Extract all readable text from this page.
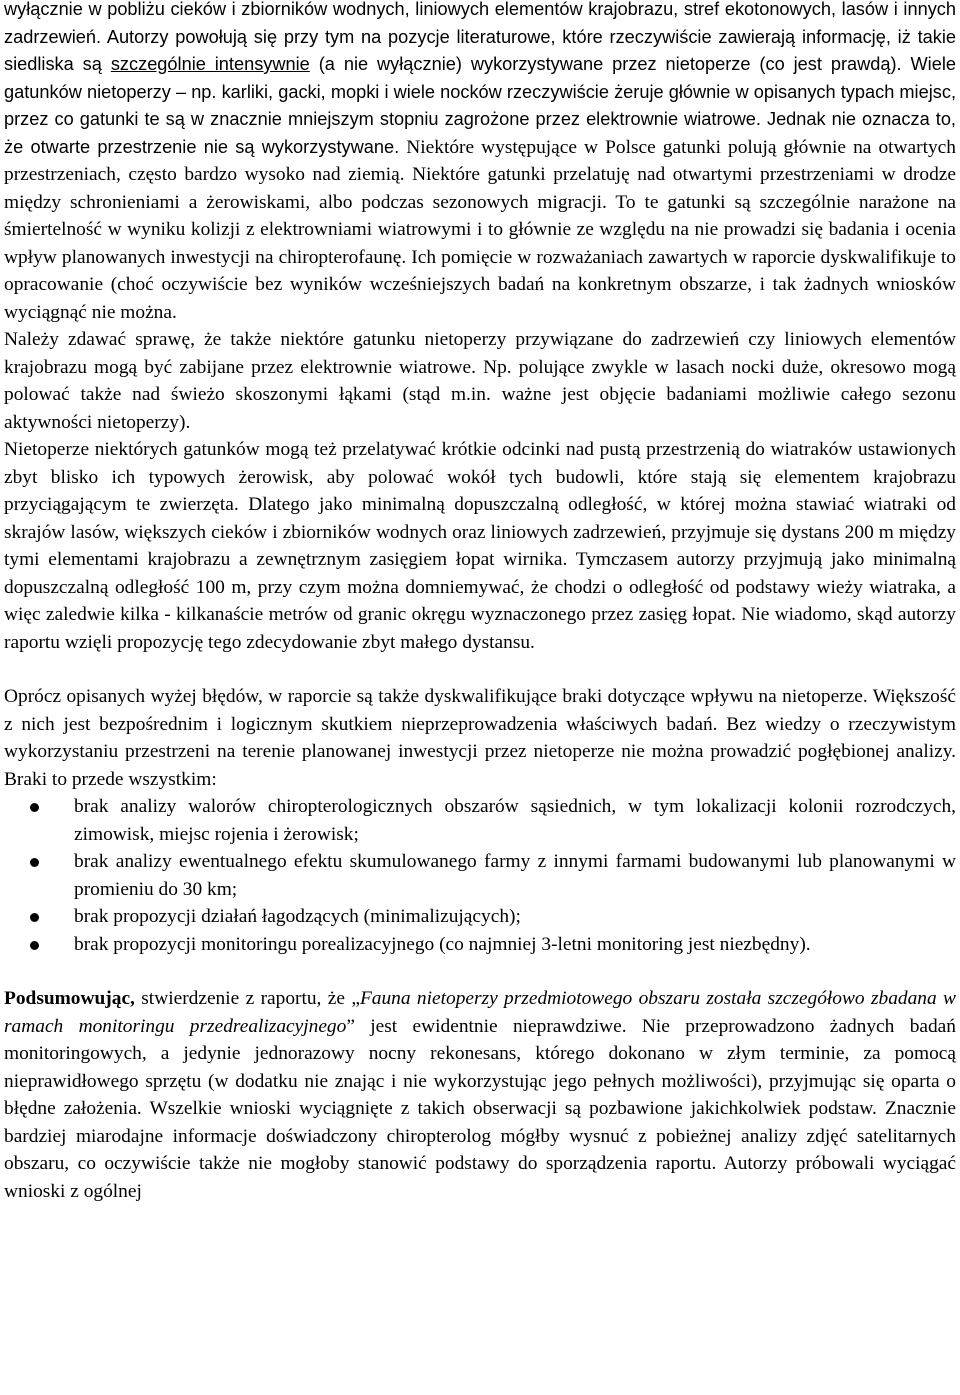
wyłącznie w pobliżu cieków i zbiorników wodnych, liniowych elementów krajobrazu, stref ekotonowych, lasów i innych zadrzewień. Autorzy powołują się przy tym na pozycje literaturowe, które rzeczywiście zawierają informację, iż takie siedliska są szczególnie intensywnie (a nie wyłącznie) wykorzystywane przez nietoperze (co jest prawdą). Wiele gatunków nietoperzy – np. karliki, gacki, mopki i wiele nocków rzeczywiście żeruje głównie w opisanych typach miejsc, przez co gatunki te są w znacznie mniejszym stopniu zagrożone przez elektrownie wiatrowe. Jednak nie oznacza to, że otwarte przestrzenie nie są wykorzystywane. Niektóre występujące w Polsce gatunki polują głównie na otwartych przestrzeniach, często bardzo wysoko nad ziemią. Niektóre gatunki przelatuję nad otwartymi przestrzeniami w drodze między schronieniami a żerowiskami, albo podczas sezonowych migracji. To te gatunki są szczególnie narażone na śmiertelność w wyniku kolizji z elektrowniami wiatrowymi i to głównie ze względu na nie prowadzi się badania i ocenia wpływ planowanych inwestycji na chiropterofaunę. Ich pomięcie w rozważaniach zawartych w raporcie dyskwalifikuje to opracowanie (choć oczywiście bez wyników wcześniejszych badań na konkretnym obszarze, i tak żadnych wniosków wyciągnąć nie można.

Należy zdawać sprawę, że także niektóre gatunku nietoperzy przywiązane do zadrzewień czy liniowych elementów krajobrazu mogą być zabijane przez elektrownie wiatrowe. Np. polujące zwykle w lasach nocki duże, okresowo mogą polować także nad świeżo skoszonymi łąkami (stąd m.in. ważne jest objęcie badaniami możliwie całego sezonu aktywności nietoperzy).

Nietoperze niektórych gatunków mogą też przelatywać krótkie odcinki nad pustą przestrzenią do wiatraków ustawionych zbyt blisko ich typowych żerowisk, aby polować wokół tych budowli, które stają się elementem krajobrazu przyciągającym te zwierzęta. Dlatego jako minimalną dopuszczalną odległość, w której można stawiać wiatraki od skrajów lasów, większych cieków i zbiorników wodnych oraz liniowych zadrzewień, przyjmuje się dystans 200 m między tymi elementami krajobrazu a zewnętrznym zasięgiem łopat wirnika. Tymczasem autorzy przyjmują jako minimalną dopuszczalną odległość 100 m, przy czym można domniemywać, że chodzi o odległość od podstawy wieży wiatraka, a więc zaledwie kilka - kilkanaście metrów od granic okręgu wyznaczonego przez zasięg łopat. Nie wiadomo, skąd autorzy raportu wzięli propozycję tego zdecydowanie zbyt małego dystansu.

Oprócz opisanych wyżej błędów, w raporcie są także dyskwalifikujące braki dotyczące wpływu na nietoperze. Większość z nich jest bezpośrednim i logicznym skutkiem nieprzeprowadzenia właściwych badań. Bez wiedzy o rzeczywistym wykorzystaniu przestrzeni na terenie planowanej inwestycji przez nietoperze nie można prowadzić pogłębionej analizy. Braki to przede wszystkim:

brak analizy walorów chiropterologicznych obszarów sąsiednich, w tym lokalizacji kolonii rozrodczych, zimowisk, miejsc rojenia i żerowisk;
brak analizy ewentualnego efektu skumulowanego farmy z innymi farmami budowanymi lub planowanymi w promieniu do 30 km;
brak propozycji działań łagodzących (minimalizujących);
brak propozycji monitoringu porealizacyjnego (co najmniej 3-letni monitoring jest niezbędny).

Podsumowując, stwierdzenie z raportu, że „Fauna nietoperzy przedmiotowego obszaru została szczegółowo zbadana w ramach monitoringu przedrealizacyjnego” jest ewidentnie nieprawdziwe. Nie przeprowadzono żadnych badań monitoringowych, a jedynie jednorazowy nocny rekonesans, którego dokonano w złym terminie, za pomocą nieprawidłowego sprzętu (w dodatku nie znając i nie wykorzystując jego pełnych możliwości), przyjmując się oparta o błędne założenia. Wszelkie wnioski wyciągnięte z takich obserwacji są pozbawione jakichkolwiek podstaw. Znacznie bardziej miarodajne informacje doświadczony chiropterolog mógłby wysnuć z pobieżnej analizy zdjęć satelitarnych obszaru, co oczywiście także nie mogłoby stanowić podstawy do sporządzenia raportu. Autorzy próbowali wyciągać wnioski z ogólnej
